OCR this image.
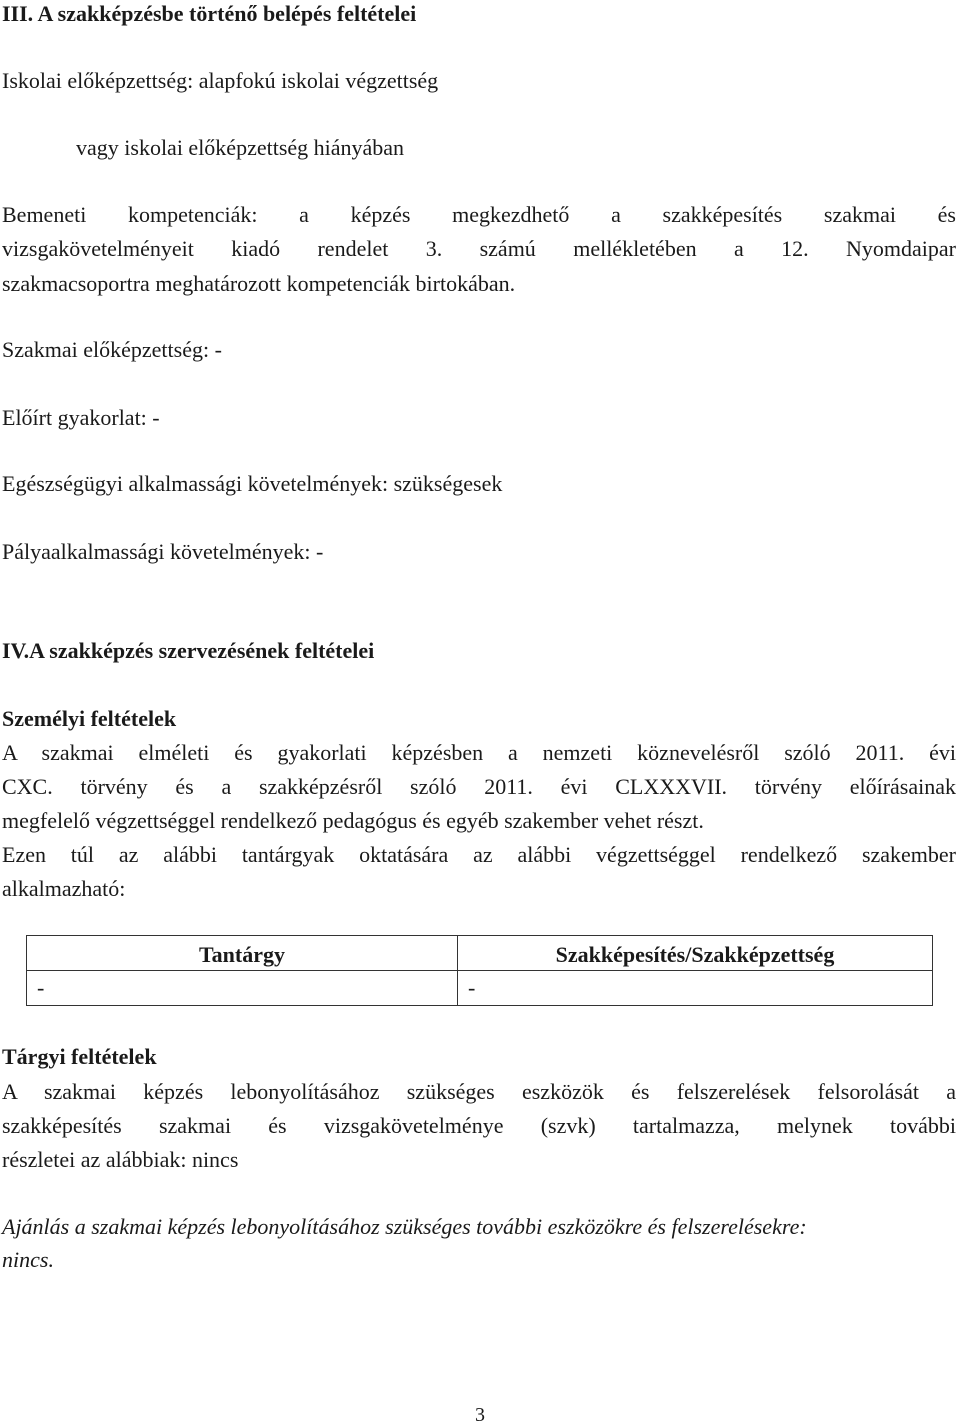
III. A szakképzésbe történő belépés feltételei
Iskolai előképzettség: alapfokú iskolai végzettség
vagy iskolai előképzettség hiányában
Bemeneti kompetenciák: a képzés megkezdhető a szakképesítés szakmai és
vizsgakövetelményeit kiadó rendelet 3. számú mellékletében a 12. Nyomdaipar
szakmacsoportra meghatározott kompetenciák birtokában.
Szakmai előképzettség: -
Előírt gyakorlat: -
Egészségügyi alkalmassági követelmények: szükségesek
Pályaalkalmassági követelmények: -
IV.A szakképzés szervezésének feltételei
Személyi feltételek
A szakmai elméleti és gyakorlati képzésben a nemzeti köznevelésről szóló 2011. évi
CXC. törvény és a szakképzésről szóló 2011. évi CLXXXVII. törvény előírásainak
megfelelő végzettséggel rendelkező pedagógus és egyéb szakember vehet részt.
Ezen túl az alábbi tantárgyak oktatására az alábbi végzettséggel rendelkező szakember
alkalmazható:
Tantárgy	Szakképesítés/Szakképzettség
-	-
Tárgyi feltételek
A szakmai képzés lebonyolításához szükséges eszközök és felszerelések felsorolását a
szakképesítés szakmai és vizsgakövetelménye (szvk) tartalmazza, melynek további
részletei az alábbiak: nincs
Ajánlás a szakmai képzés lebonyolításához szükséges további eszközökre és felszerelésekre:
nincs.
3
